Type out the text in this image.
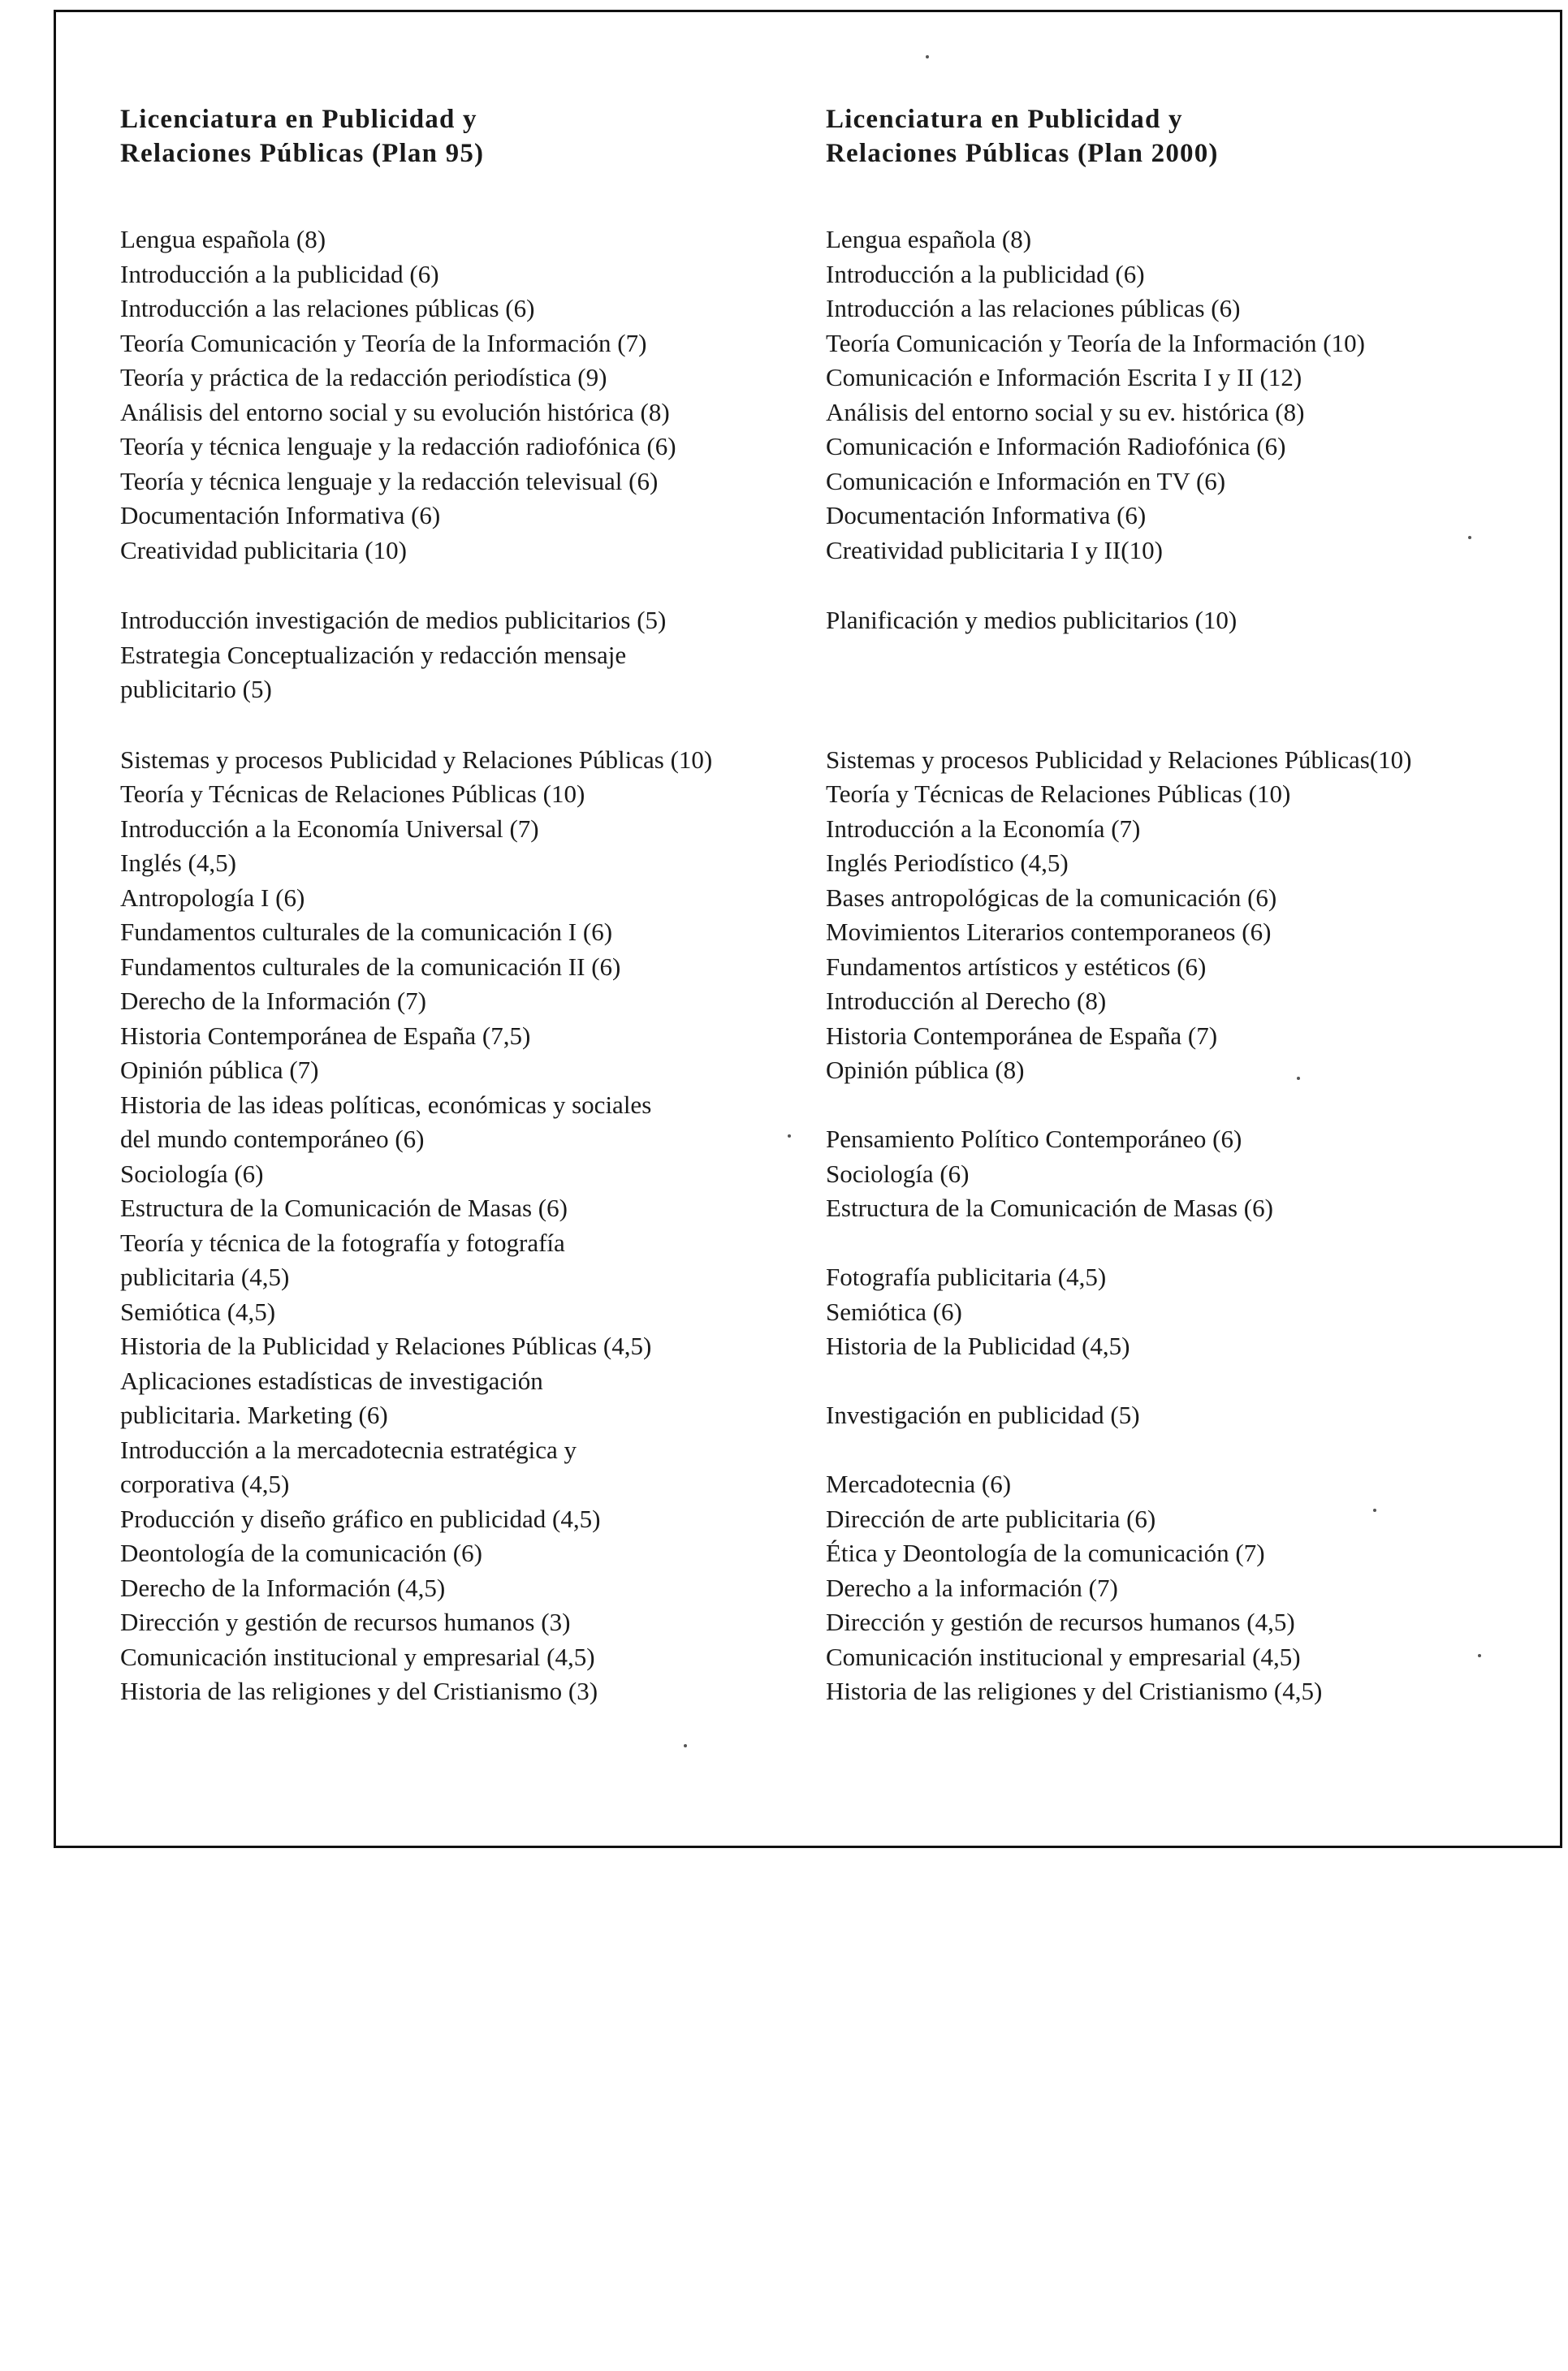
Licenciatura en Publicidad y
Relaciones Públicas (Plan 95)

Lengua española (8)

Introducción a la publicidad (6)

Introducción a las relaciones públicas (6)

Teoría Comunicación y Teoría de la Información (7)

Teoría y práctica de la redacción periodística (9)

Análisis del entorno social y su evolución histórica (8)

Teoría y técnica lenguaje y la redacción radiofónica (6)

Teoría y técnica lenguaje y la redacción televisual (6)

Documentación Informativa (6)

Creatividad publicitaria (10)

Introducción investigación de medios publicitarios (5)

Estrategia Conceptualización y redacción mensaje

publicitario (5)

Sistemas y procesos Publicidad y Relaciones Públicas (10)

Teoría y Técnicas de Relaciones Públicas (10)

Introducción a la Economía Universal (7)

Inglés (4,5)

Antropología I (6)

Fundamentos culturales de la comunicación I (6)

Fundamentos culturales de la comunicación II (6)

Derecho de la Información (7)

Historia Contemporánea de España (7,5)

Opinión pública (7)

Historia de las ideas políticas, económicas y sociales

del mundo contemporáneo (6)

Sociología (6)

Estructura de la Comunicación de Masas (6)

Teoría y técnica de la fotografía y fotografía

publicitaria (4,5)

Semiótica (4,5)

Historia de la Publicidad y Relaciones Públicas (4,5)

Aplicaciones estadísticas de investigación

publicitaria. Marketing (6)

Introducción a la mercadotecnia estratégica y

corporativa (4,5)

Producción y diseño gráfico en publicidad (4,5)

Deontología de la comunicación (6)

Derecho de la Información (4,5)

Dirección y gestión de recursos humanos (3)

Comunicación institucional y empresarial (4,5)

Historia de las religiones y del Cristianismo (3)

Licenciatura en Publicidad y
Relaciones Públicas (Plan 2000)

Lengua española (8)

Introducción a la publicidad (6)

Introducción a las relaciones públicas (6)

Teoría Comunicación y Teoría de la Información (10)

Comunicación e Información Escrita I y II (12)

Análisis del entorno social y su ev. histórica (8)

Comunicación e Información Radiofónica (6)

Comunicación e Información en TV (6)

Documentación Informativa (6)

Creatividad publicitaria I y II(10)

Planificación y medios publicitarios (10)

Sistemas y procesos Publicidad y Relaciones Públicas(10)

Teoría y Técnicas de Relaciones Públicas (10)

Introducción a la Economía (7)

Inglés Periodístico (4,5)

Bases antropológicas de la comunicación (6)

Movimientos Literarios contemporaneos (6)

Fundamentos artísticos y estéticos (6)

Introducción al Derecho (8)

Historia Contemporánea de España (7)

Opinión pública (8)

Pensamiento Político Contemporáneo (6)

Sociología (6)

Estructura de la Comunicación de Masas (6)

Fotografía publicitaria (4,5)

Semiótica (6)

Historia de la Publicidad (4,5)

Investigación en publicidad (5)

Mercadotecnia (6)

Dirección de arte publicitaria (6)

Ética y Deontología de la comunicación (7)

Derecho a la información (7)

Dirección y gestión de recursos humanos (4,5)

Comunicación institucional y empresarial (4,5)

Historia de las religiones y del Cristianismo (4,5)
